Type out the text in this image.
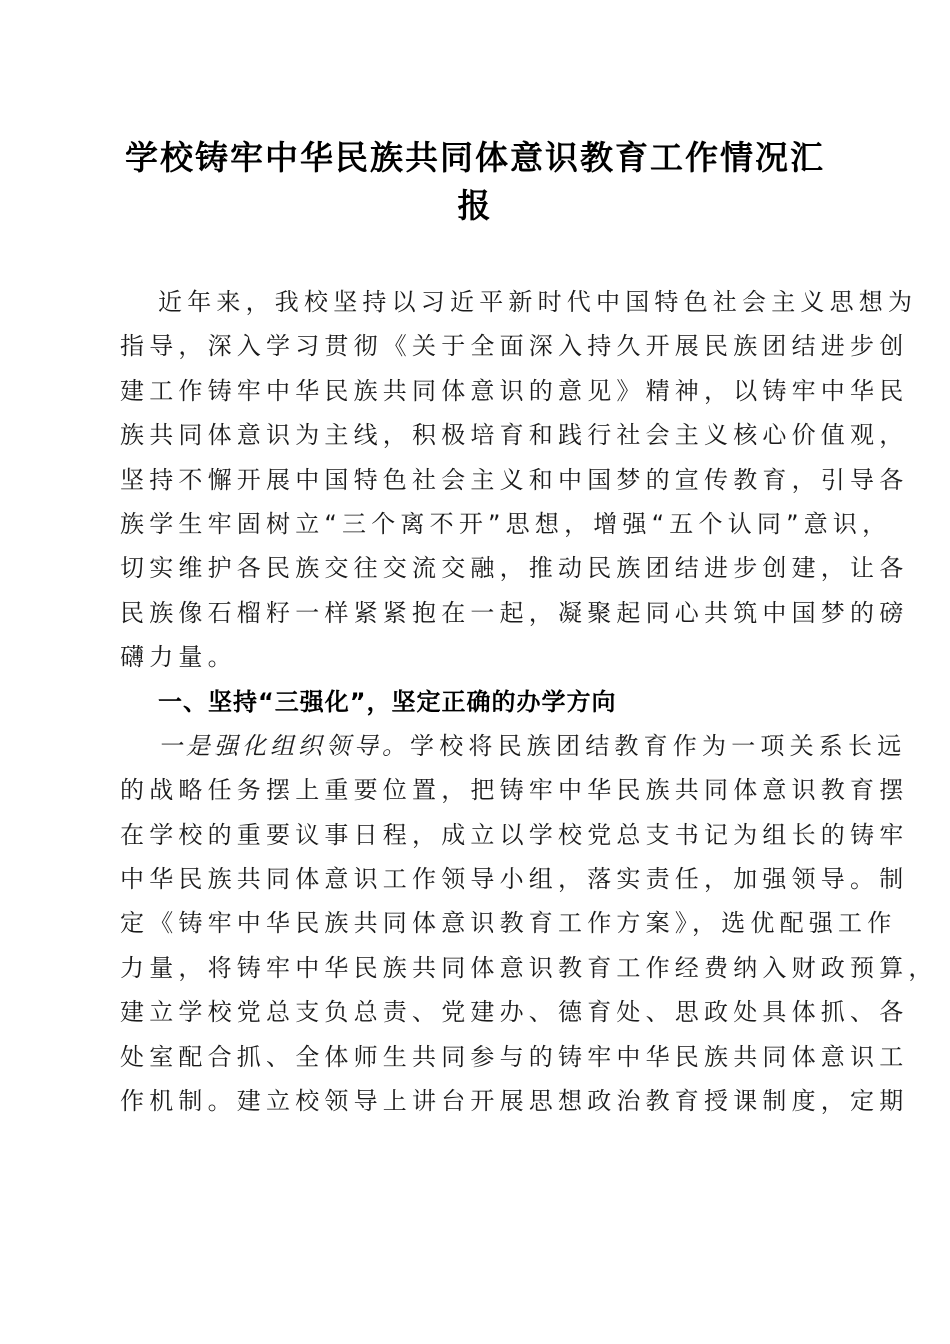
学校铸牢中华民族共同体意识教育工作情况汇
报
近年来，我校坚持以习近平新时代中国特色社会主义思想为
指导，深入学习贯彻《关于全面深入持久开展民族团结进步创
建工作铸牢中华民族共同体意识的意见》精神，以铸牢中华民
族共同体意识为主线，积极培育和践行社会主义核心价值观，
坚持不懈开展中国特色社会主义和中国梦的宣传教育，引导各
族学生牢固树立“三个离不开”思想，增强“五个认同”意识，
切实维护各民族交往交流交融，推动民族团结进步创建，让各
民族像石榴籽一样紧紧抱在一起，凝聚起同心共筑中国梦的磅
礴力量。
一、坚持“三强化”，坚定正确的办学方向
一是强化组织领导。学校将民族团结教育作为一项关系长远
的战略任务摆上重要位置，把铸牢中华民族共同体意识教育摆
在学校的重要议事日程，成立以学校党总支书记为组长的铸牢
中华民族共同体意识工作领导小组，落实责任，加强领导。制
定《铸牢中华民族共同体意识教育工作方案》，选优配强工作
力量，将铸牢中华民族共同体意识教育工作经费纳入财政预算，
建立学校党总支负总责、党建办、德育处、思政处具体抓、各
处室配合抓、全体师生共同参与的铸牢中华民族共同体意识工
作机制。建立校领导上讲台开展思想政治教育授课制度，定期
